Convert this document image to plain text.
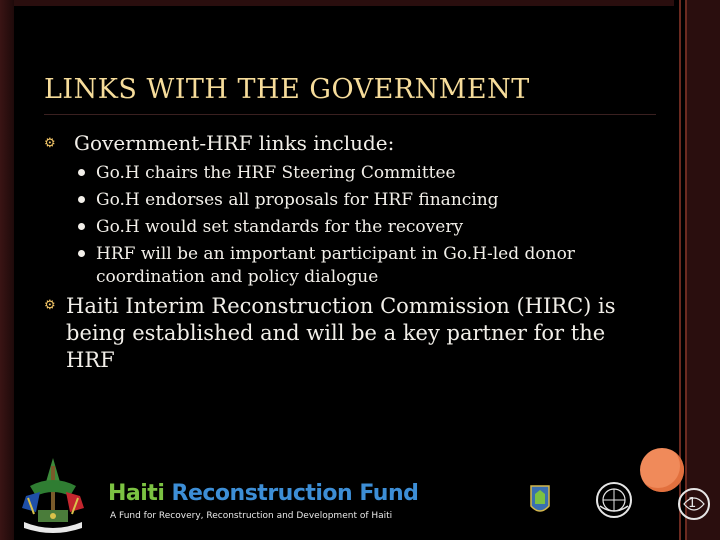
LINKS WITH THE GOVERNMENT
⚙ Government-HRF links include:
Go.H chairs the HRF Steering Committee
Go.H endorses all proposals for HRF financing
Go.H would set standards for the recovery
HRF will be an important participant in Go.H-led donor coordination and policy dialogue
⚙ Haiti Interim Reconstruction Commission (HIRC) is being established and will be a key partner for the HRF
Haiti Reconstruction Fund
A Fund for Recovery, Reconstruction and Development of Haiti
1
